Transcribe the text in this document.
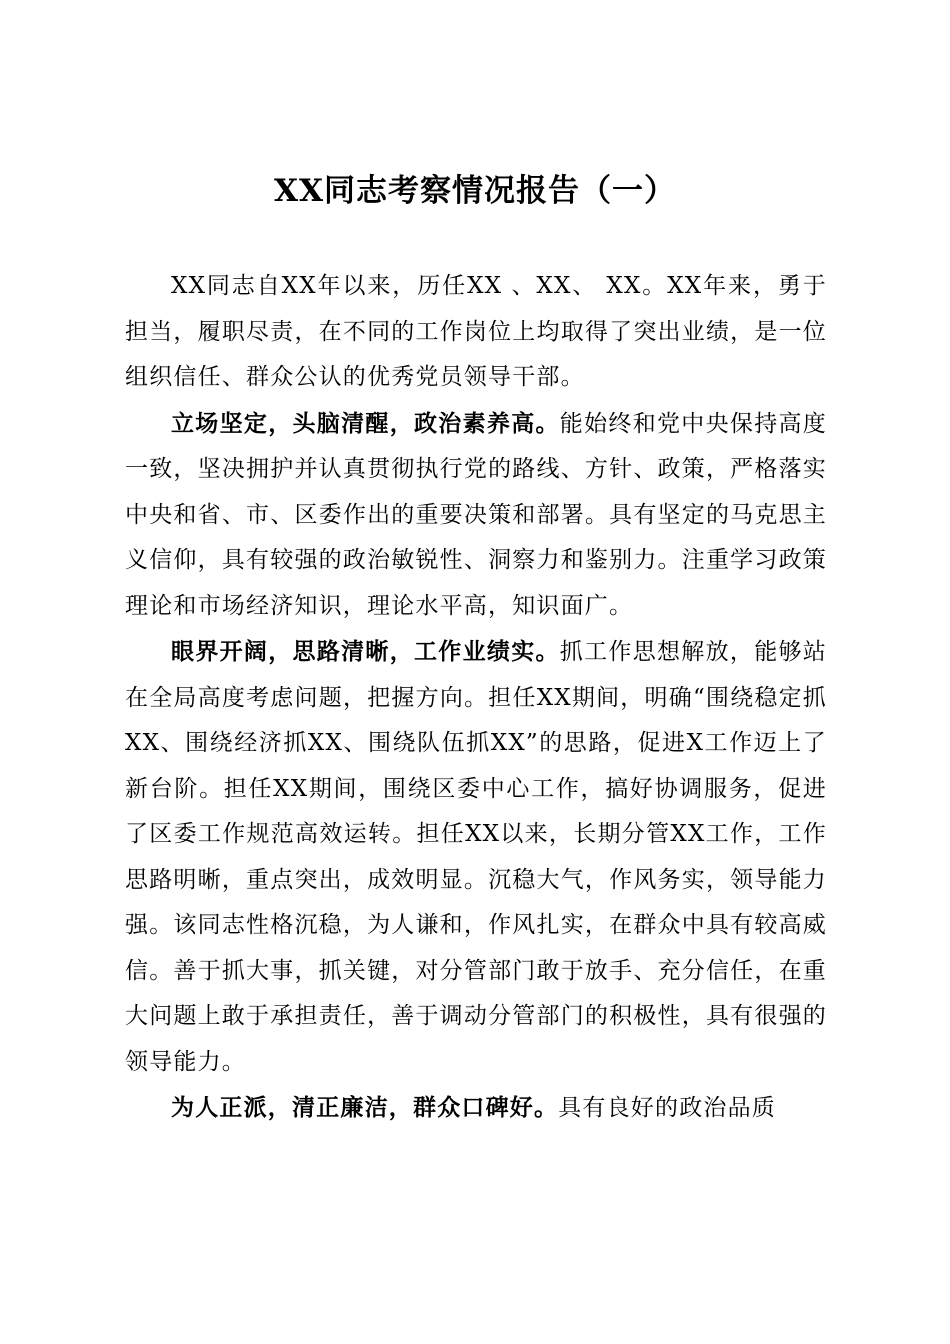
XX同志考察情况报告（一）

XX同志自XX年以来，历任XX 、XX、 XX。XX年来，勇于担当，履职尽责，在不同的工作岗位上均取得了突出业绩，是一位组织信任、群众公认的优秀党员领导干部。

立场坚定，头脑清醒，政治素养高。能始终和党中央保持高度一致，坚决拥护并认真贯彻执行党的路线、方针、政策，严格落实中央和省、市、区委作出的重要决策和部署。具有坚定的马克思主义信仰，具有较强的政治敏锐性、洞察力和鉴别力。注重学习政策理论和市场经济知识，理论水平高，知识面广。

眼界开阔，思路清晰，工作业绩实。抓工作思想解放，能够站在全局高度考虑问题，把握方向。担任XX期间，明确“围绕稳定抓XX、围绕经济抓XX、围绕队伍抓XX”的思路，促进X工作迈上了新台阶。担任XX期间，围绕区委中心工作，搞好协调服务，促进了区委工作规范高效运转。担任XX以来，长期分管XX工作，工作思路明晰，重点突出，成效明显。沉稳大气，作风务实，领导能力强。该同志性格沉稳，为人谦和，作风扎实，在群众中具有较高威信。善于抓大事，抓关键，对分管部门敢于放手、充分信任，在重大问题上敢于承担责任，善于调动分管部门的积极性，具有很强的领导能力。

为人正派，清正廉洁，群众口碑好。具有良好的政治品质
